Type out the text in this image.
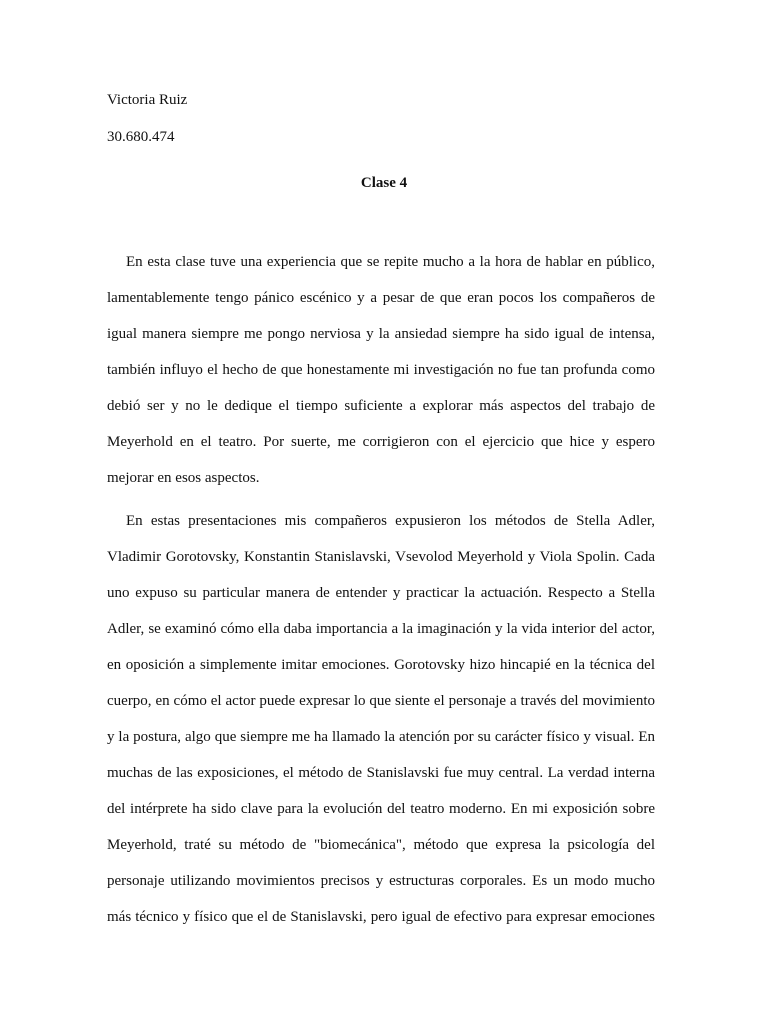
Victoria Ruiz
30.680.474
Clase 4
En esta clase tuve una experiencia que se repite mucho a la hora de hablar en público,
lamentablemente tengo pánico escénico y a pesar de que eran pocos los compañeros de
igual manera siempre me pongo nerviosa y la ansiedad siempre ha sido igual de intensa,
también influyo el hecho de que honestamente mi investigación no fue tan profunda como
debió ser y no le dedique el tiempo suficiente a explorar más aspectos del trabajo de
Meyerhold en el teatro. Por suerte, me corrigieron con el ejercicio que hice y espero
mejorar en esos aspectos.
En estas presentaciones mis compañeros expusieron los métodos de Stella Adler,
Vladimir Gorotovsky, Konstantin Stanislavski, Vsevolod Meyerhold y Viola Spolin. Cada
uno expuso su particular manera de entender y practicar la actuación. Respecto a Stella
Adler, se examinó cómo ella daba importancia a la imaginación y la vida interior del actor,
en oposición a simplemente imitar emociones. Gorotovsky hizo hincapié en la técnica del
cuerpo, en cómo el actor puede expresar lo que siente el personaje a través del movimiento
y la postura, algo que siempre me ha llamado la atención por su carácter físico y visual. En
muchas de las exposiciones, el método de Stanislavski fue muy central. La verdad interna
del intérprete ha sido clave para la evolución del teatro moderno. En mi exposición sobre
Meyerhold, traté su método de "biomecánica", método que expresa la psicología del
personaje utilizando movimientos precisos y estructuras corporales. Es un modo mucho
más técnico y físico que el de Stanislavski, pero igual de efectivo para expresar emociones
